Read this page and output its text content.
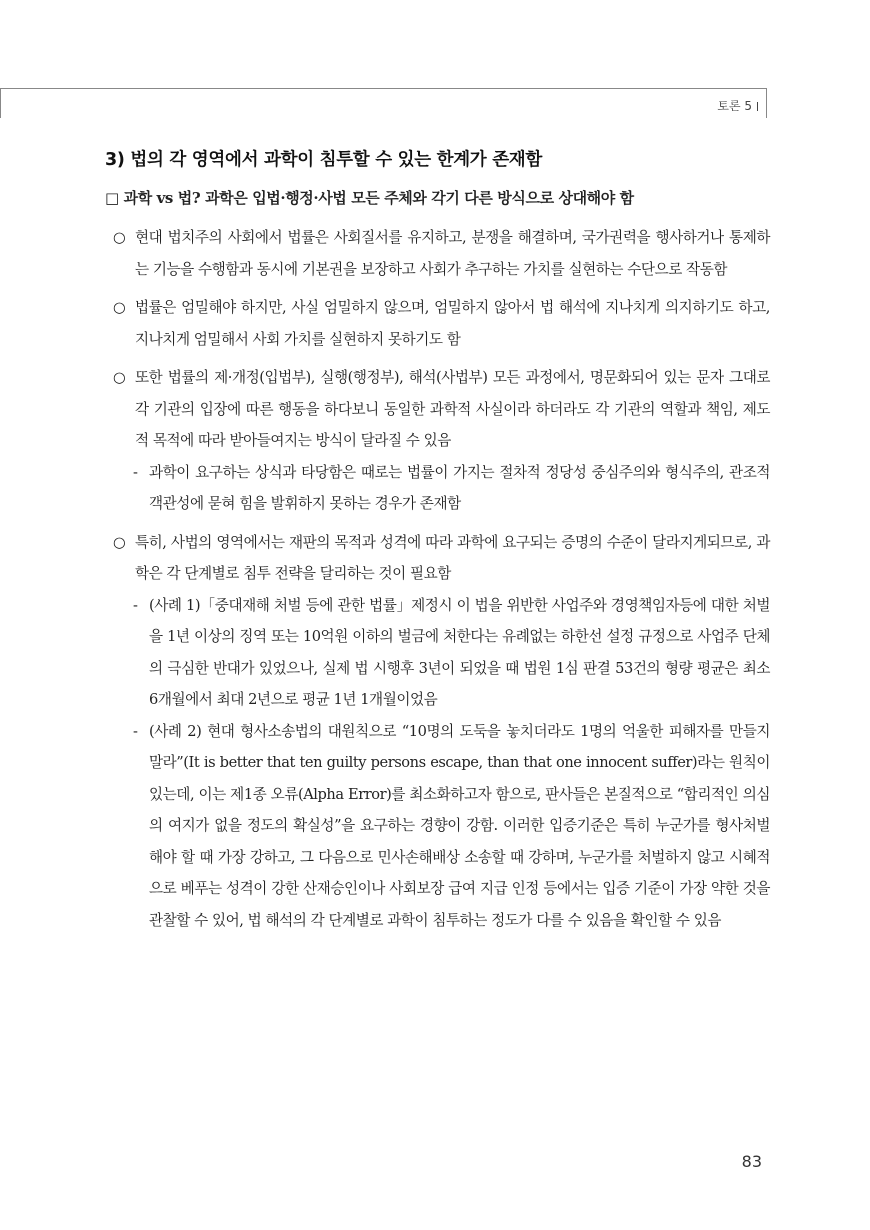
토론 5
3) 법의 각 영역에서 과학이 침투할 수 있는 한계가 존재함
□ 과학 vs 법? 과학은 입법·행정·사법 모든 주체와 각기 다른 방식으로 상대해야 함
○ 현대 법치주의 사회에서 법률은 사회질서를 유지하고, 분쟁을 해결하며, 국가권력을 행사하거나 통제하는 기능을 수행함과 동시에 기본권을 보장하고 사회가 추구하는 가치를 실현하는 수단으로 작동함
○ 법률은 엄밀해야 하지만, 사실 엄밀하지 않으며, 엄밀하지 않아서 법 해석에 지나치게 의지하기도 하고, 지나치게 엄밀해서 사회 가치를 실현하지 못하기도 함
○ 또한 법률의 제·개정(입법부), 실행(행정부), 해석(사법부) 모든 과정에서, 명문화되어 있는 문자 그대로 각 기관의 입장에 따른 행동을 하다보니 동일한 과학적 사실이라 하더라도 각 기관의 역할과 책임, 제도적 목적에 따라 받아들여지는 방식이 달라질 수 있음
- 과학이 요구하는 상식과 타당함은 때로는 법률이 가지는 절차적 정당성 중심주의와 형식주의, 관조적 객관성에 묻혀 힘을 발휘하지 못하는 경우가 존재함
○ 특히, 사법의 영역에서는 재판의 목적과 성격에 따라 과학에 요구되는 증명의 수준이 달라지게되므로, 과학은 각 단계별로 침투 전략을 달리하는 것이 필요함
- (사례 1)「중대재해 처벌 등에 관한 법률」제정시 이 법을 위반한 사업주와 경영책임자등에 대한 처벌을 1년 이상의 징역 또는 10억원 이하의 벌금에 처한다는 유례없는 하한선 설정 규정으로 사업주 단체의 극심한 반대가 있었으나, 실제 법 시행후 3년이 되었을 때 법원 1심 판결 53건의 형량 평균은 최소 6개월에서 최대 2년으로 평균 1년 1개월이었음
- (사례 2) 현대 형사소송법의 대원칙으로 “10명의 도둑을 놓치더라도 1명의 억울한 피해자를 만들지 말라”(It is better that ten guilty persons escape, than that one innocent suffer)라는 원칙이 있는데, 이는 제1종 오류(Alpha Error)를 최소화하고자 함으로, 판사들은 본질적으로 “합리적인 의심의 여지가 없을 정도의 확실성”을 요구하는 경향이 강함. 이러한 입증기준은 특히 누군가를 형사처벌해야 할 때 가장 강하고, 그 다음으로 민사손해배상 소송할 때 강하며, 누군가를 처벌하지 않고 시혜적으로 베푸는 성격이 강한 산재승인이나 사회보장 급여 지급 인정 등에서는 입증 기준이 가장 약한 것을 관찰할 수 있어, 법 해석의 각 단계별로 과학이 침투하는 정도가 다를 수 있음을 확인할 수 있음
83
